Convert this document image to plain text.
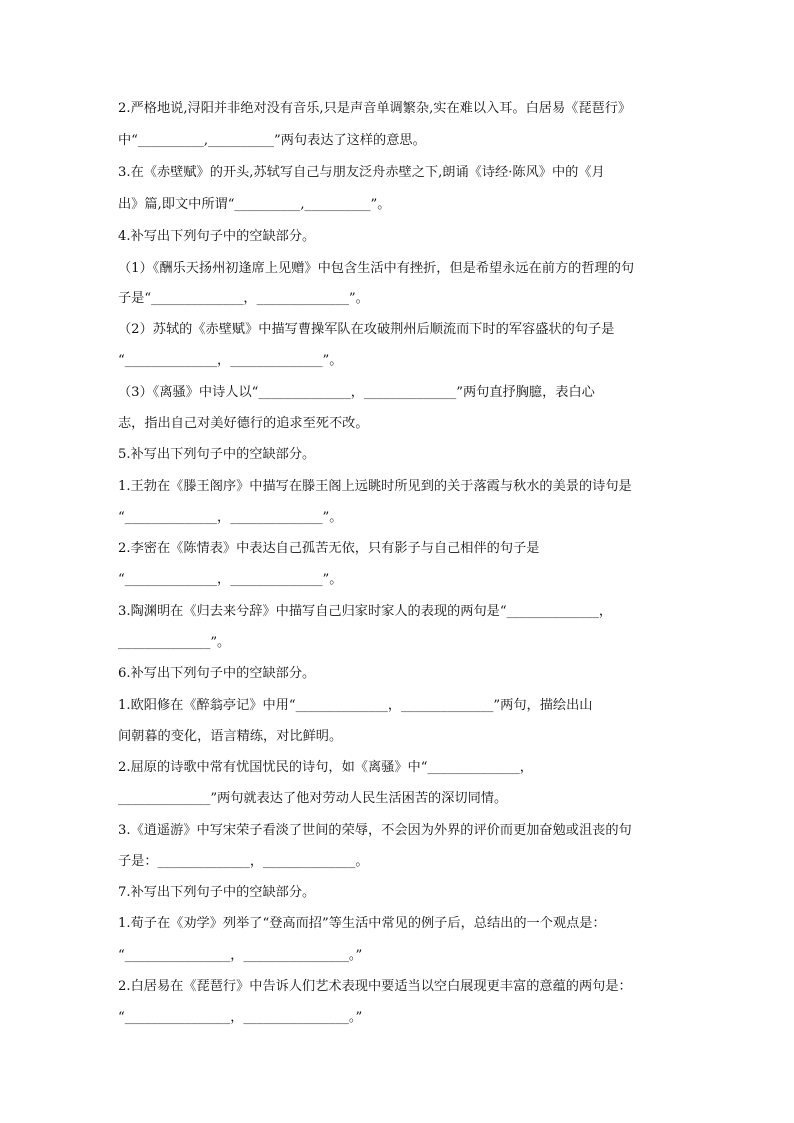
2.严格地说,浔阳并非绝对没有音乐,只是声音单调繁杂,实在难以入耳。白居易《琵琶行》
中“__________,__________”两句表达了这样的意思。
3.在《赤壁赋》的开头,苏轼写自己与朋友泛舟赤壁之下,朗诵《诗经·陈风》中的《月
出》篇,即文中所谓“__________,__________”。
4.补写出下列句子中的空缺部分。
（1）《酬乐天扬州初逢席上见赠》中包含生活中有挫折，但是希望永远在前方的哲理的句
子是“______________，______________”。
（2）苏轼的《赤壁赋》中描写曹操军队在攻破荆州后顺流而下时的军容盛状的句子是
“______________，______________”。
（3）《离骚》中诗人以“______________，______________”两句直抒胸臆，表白心
志，指出自己对美好德行的追求至死不改。
5.补写出下列句子中的空缺部分。
1.王勃在《滕王阁序》中描写在滕王阁上远眺时所见到的关于落霞与秋水的美景的诗句是
“______________，______________”。
2.李密在《陈情表》中表达自己孤苦无依，只有影子与自己相伴的句子是
“______________，______________”。
3.陶渊明在《归去来兮辞》中描写自己归家时家人的表现的两句是“______________，
______________”。
6.补写出下列句子中的空缺部分。
1.欧阳修在《醉翁亭记》中用“______________，______________”两句，描绘出山
间朝暮的变化，语言精练，对比鲜明。
2.屈原的诗歌中常有忧国忧民的诗句，如《离骚》中“______________，
______________”两句就表达了他对劳动人民生活困苦的深切同情。
3.《逍遥游》中写宋荣子看淡了世间的荣辱，不会因为外界的评价而更加奋勉或沮丧的句
子是：______________，______________。
7.补写出下列句子中的空缺部分。
1.荀子在《劝学》列举了“登高而招”等生活中常见的例子后，总结出的一个观点是：
“________________，________________。”
2.白居易在《琵琶行》中告诉人们艺术表现中要适当以空白展现更丰富的意蕴的两句是：
“________________，________________。”
